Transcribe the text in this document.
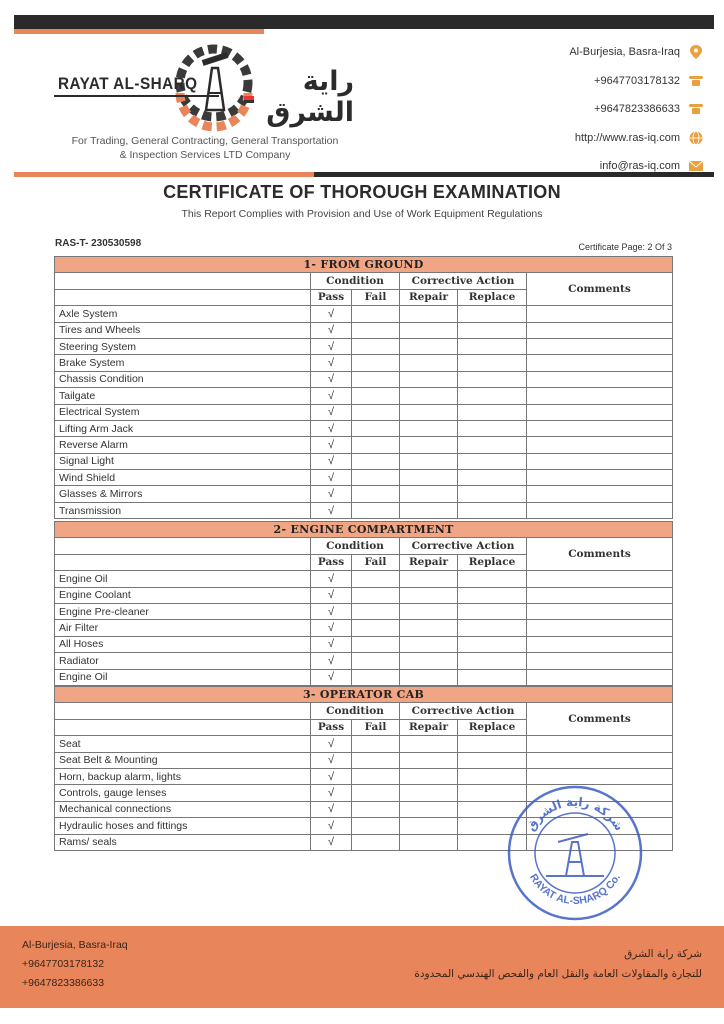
RAYAT AL-SHARQ	راية الشرق
For Trading, General Contracting, General Transportation
& Inspection Services LTD Company
Al-Burjesia, Basra-Iraq
+9647703178132
+9647823386633
http://www.ras-iq.com
info@ras-iq.com
CERTIFICATE OF THOROUGH EXAMINATION
This Report Complies with Provision and Use of Work Equipment Regulations
RAS-T- 230530598	Certificate Page: 2 Of 3
1- FROM GROUND					
	Condition		Corrective Action		Comments
	Pass	Fail	Repair	Replace	
Axle System	√				
Tires and Wheels	√				
Steering System	√				
Brake System	√				
Chassis Condition	√				
Tailgate	√				
Electrical System	√				
Lifting Arm Jack	√				
Reverse Alarm	√				
Signal Light	√				
Wind Shield	√				
Glasses & Mirrors	√				
Transmission	√				
2- ENGINE COMPARTMENT					
	Condition		Corrective Action		Comments
	Pass	Fail	Repair	Replace	
Engine Oil	√				
Engine Coolant	√				
Engine Pre-cleaner	√				
Air Filter	√				
All Hoses	√				
Radiator	√				
Engine Oil	√				
3- OPERATOR CAB					
	Condition		Corrective Action		Comments
	Pass	Fail	Repair	Replace	
Seat	√				
Seat Belt & Mounting	√				
Horn, backup alarm, lights	√				
Controls, gauge lenses	√				
Mechanical connections	√				
Hydraulic hoses and fittings	√				
Rams/ seals	√				
شركة راية الشرق
RAYAT AL-SHARQ Co.
Al-Burjesia, Basra-Iraq
+9647703178132
+9647823386633
شركة راية الشرق
للتجارة والمقاولات العامة والنقل العام والفحص الهندسي المحدودة
